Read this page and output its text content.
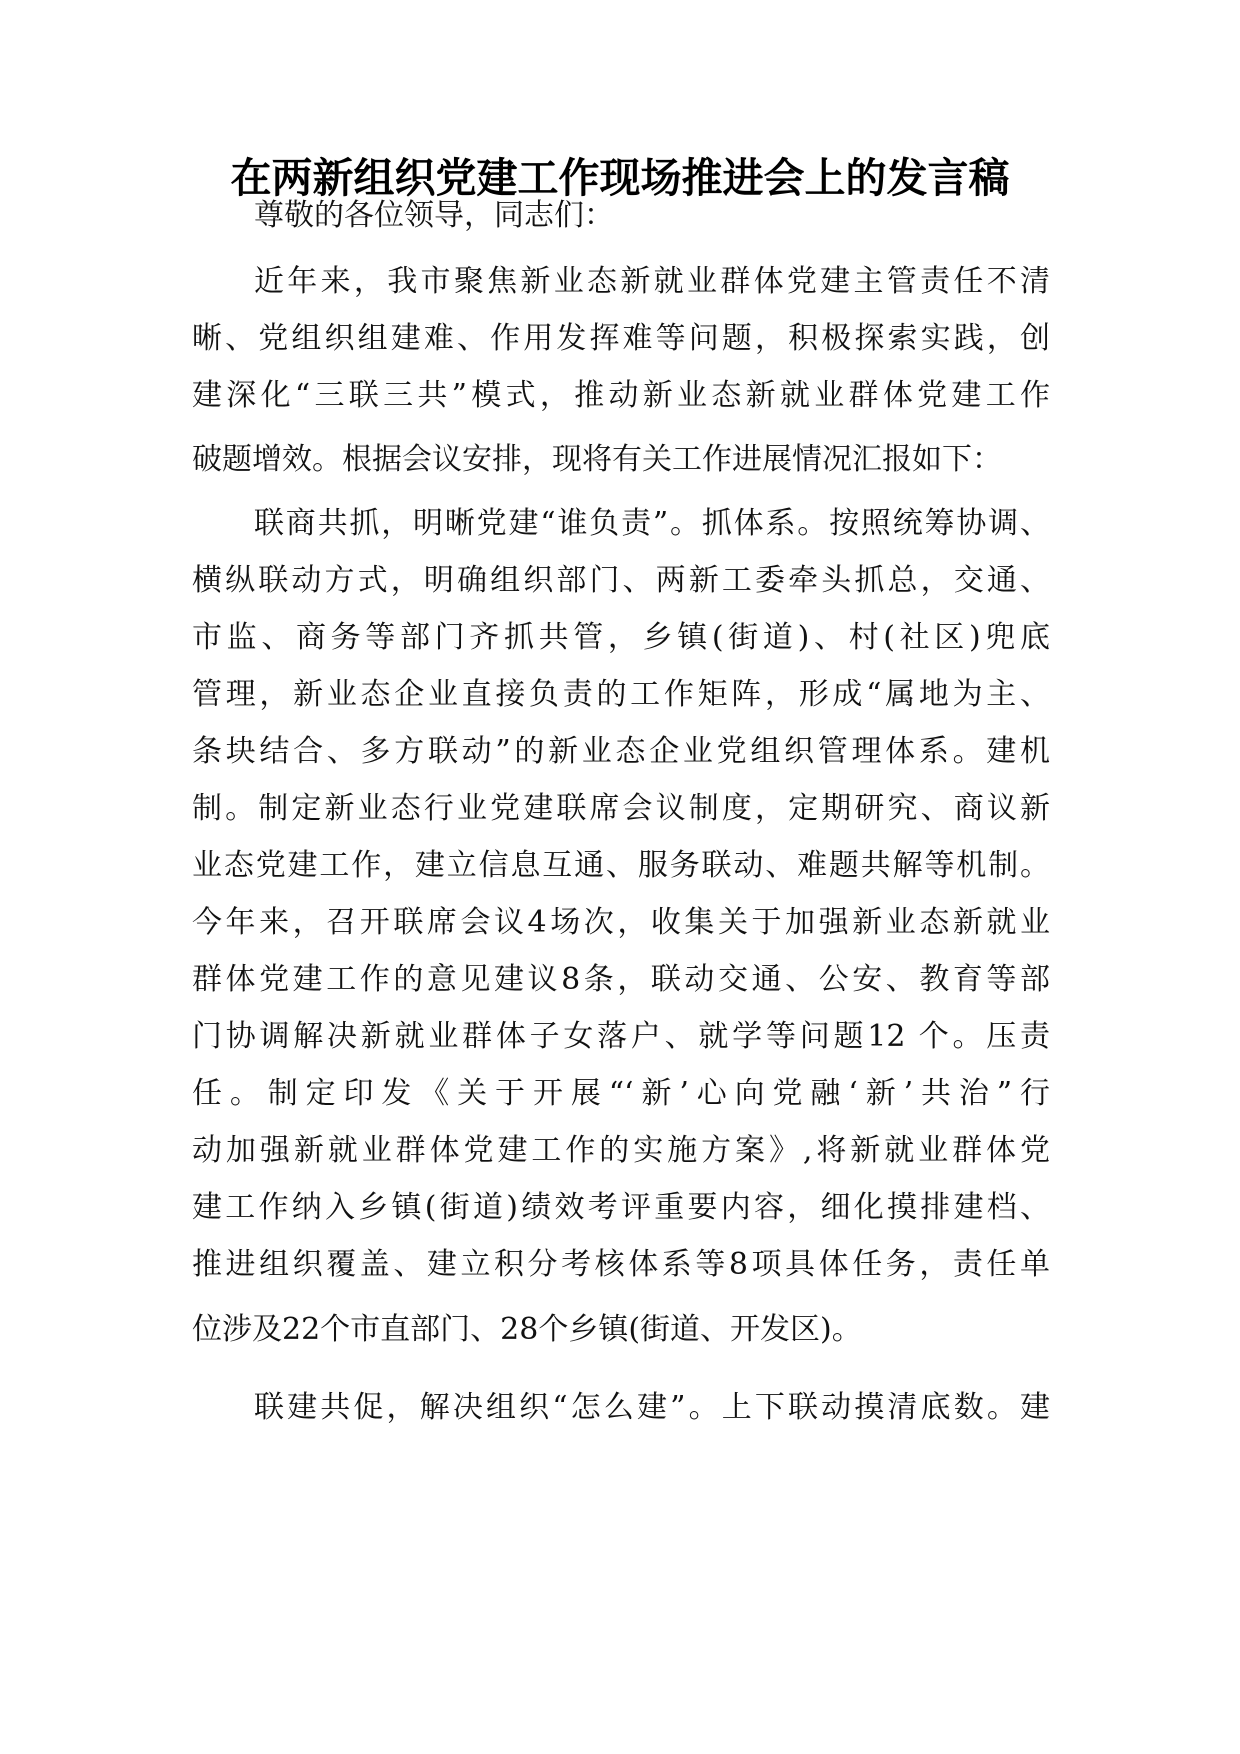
在两新组织党建工作现场推进会上的发言稿
尊敬的各位领导，同志们：
近年来，我市聚焦新业态新就业群体党建主管责任不清
晰、党组织组建难、作用发挥难等问题，积极探索实践，创
建深化“三联三共”模式，推动新业态新就业群体党建工作
破题增效。根据会议安排，现将有关工作进展情况汇报如下：
联商共抓，明晰党建“谁负责”。抓体系。按照统筹协调、
横纵联动方式，明确组织部门、两新工委牵头抓总，交通、
市监、商务等部门齐抓共管，乡镇(街道)、村(社区)兜底
管理，新业态企业直接负责的工作矩阵，形成“属地为主、
条块结合、多方联动”的新业态企业党组织管理体系。建机
制。制定新业态行业党建联席会议制度，定期研究、商议新
业态党建工作，建立信息互通、服务联动、难题共解等机制。
今年来，召开联席会议4场次，收集关于加强新业态新就业
群体党建工作的意见建议8条，联动交通、公安、教育等部
门协调解决新就业群体子女落户、就学等问题12 个。压责
任。制定印发《关于开展“‘新’心向党融‘新’共治”行
动加强新就业群体党建工作的实施方案》,将新就业群体党
建工作纳入乡镇(街道)绩效考评重要内容，细化摸排建档、
推进组织覆盖、建立积分考核体系等8项具体任务，责任单
位涉及22个市直部门、28个乡镇(街道、开发区)。
联建共促，解决组织“怎么建”。上下联动摸清底数。建
